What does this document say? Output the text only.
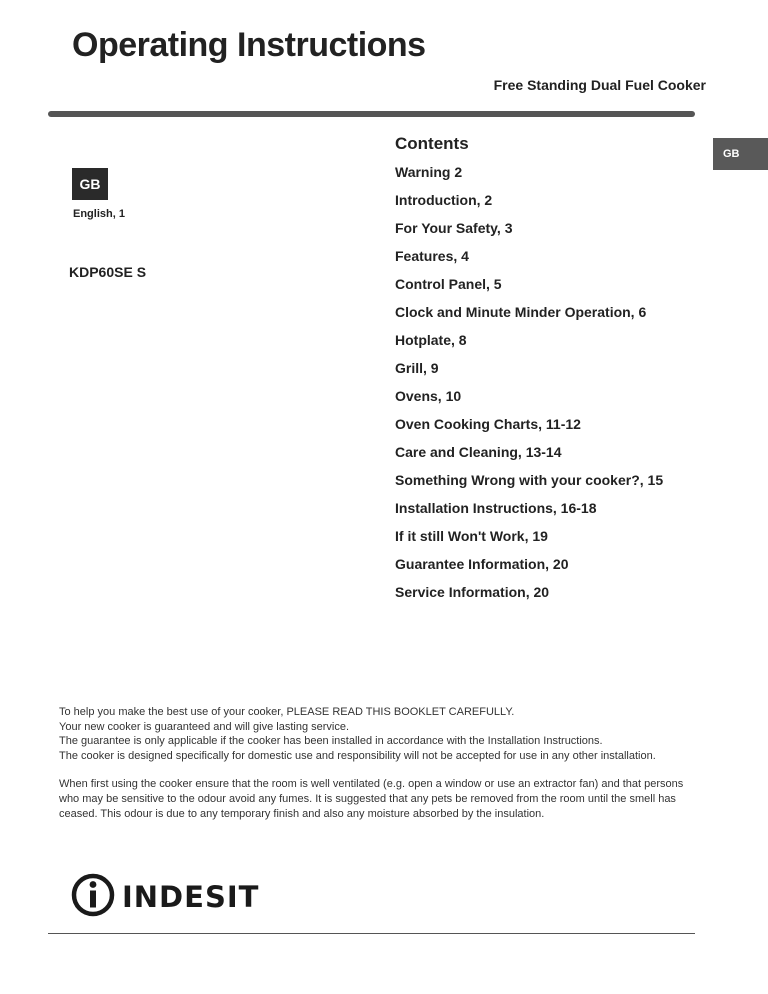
Operating Instructions
Free Standing Dual Fuel Cooker
GB
English, 1
KDP60SE S
GB
Contents
Warning 2
Introduction, 2
For Your Safety, 3
Features, 4
Control Panel, 5
Clock and Minute Minder Operation, 6
Hotplate, 8
Grill, 9
Ovens, 10
Oven Cooking Charts, 11-12
Care and Cleaning, 13-14
Something Wrong with your cooker?, 15
Installation Instructions, 16-18
If it still Won't Work, 19
Guarantee Information, 20
Service Information, 20

To help you make the best use of your cooker, PLEASE READ THIS BOOKLET CAREFULLY.
Your new cooker is guaranteed and will give lasting service.
The guarantee is only applicable if the cooker has been installed in accordance with the Installation Instructions.
The cooker is designed specifically for domestic use and responsibility will not be accepted for use in any other installation.

When first using the cooker ensure that the room is well ventilated (e.g. open a window or use an extractor fan) and that persons who may be sensitive to the odour avoid any fumes. It is suggested that any pets be removed from the room until the smell has ceased. This odour is due to any temporary finish and also any moisture absorbed by the insulation.

INDESIT
